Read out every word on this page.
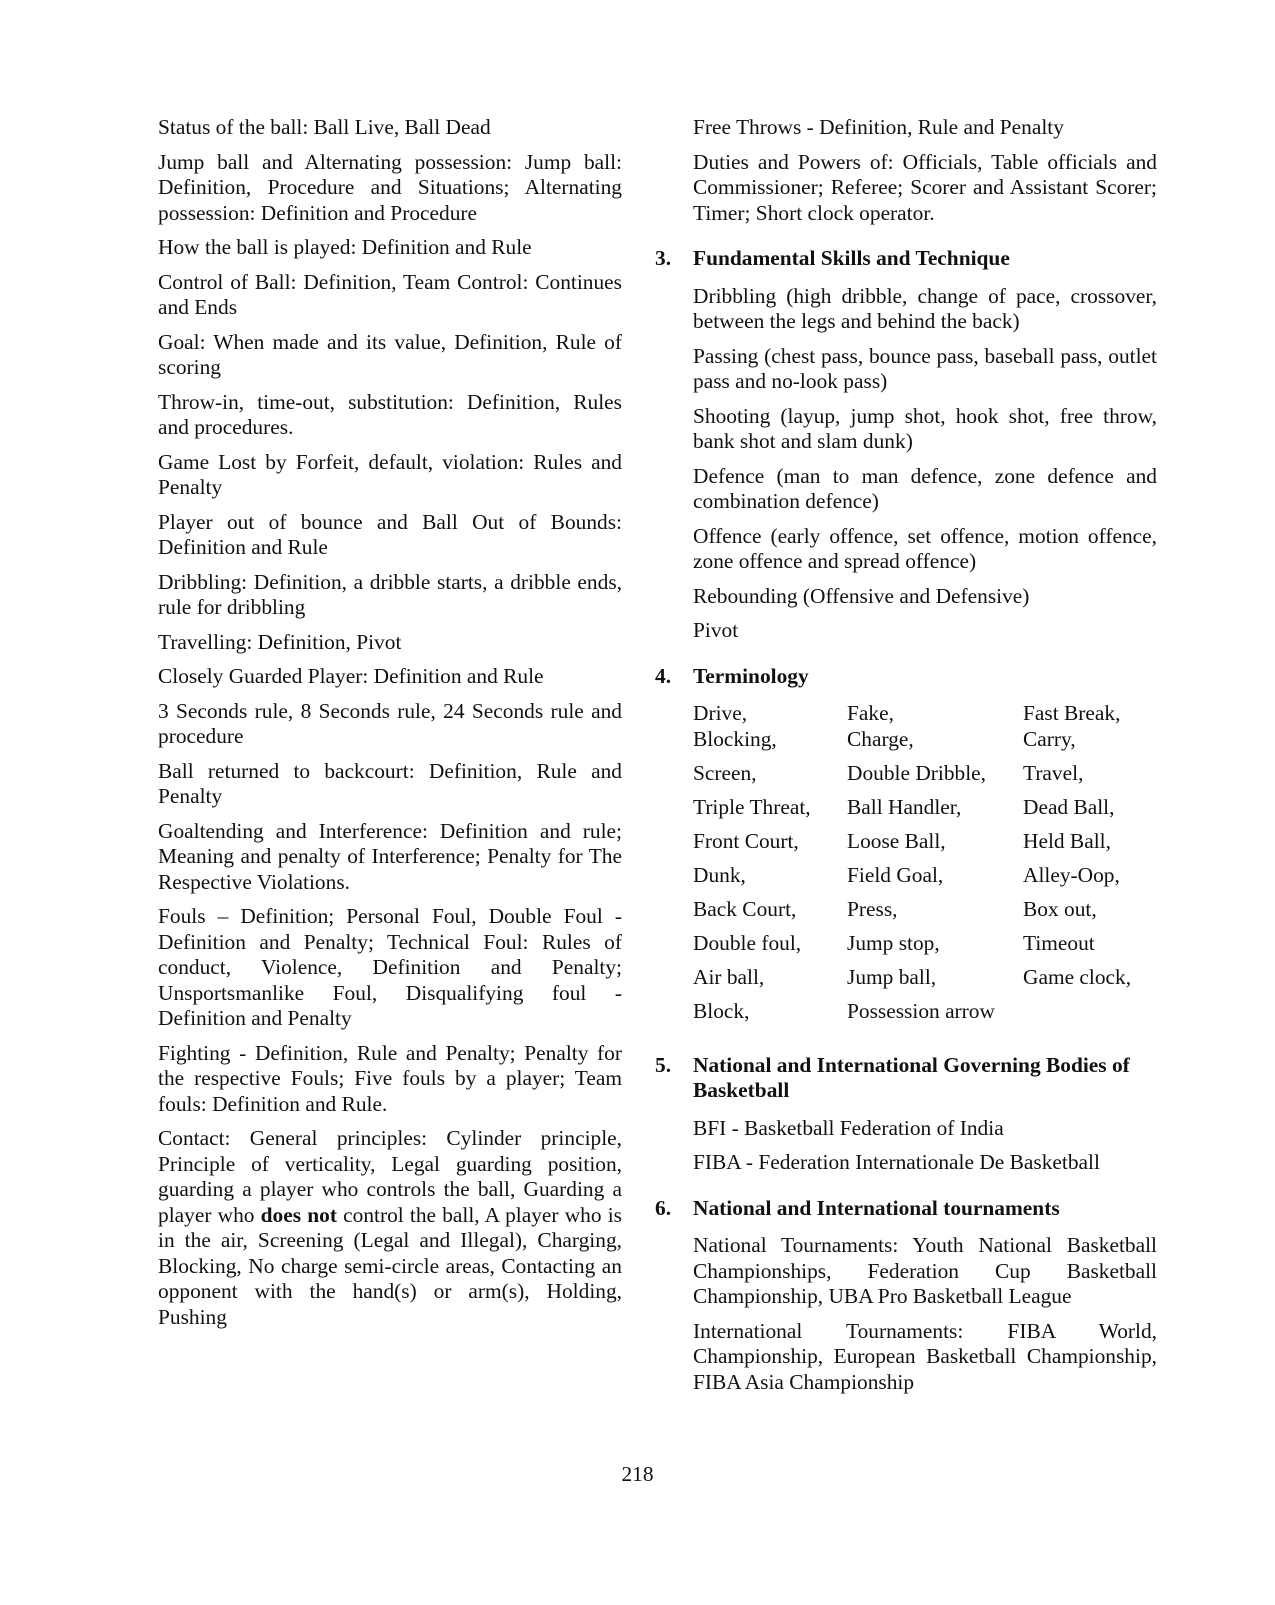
Status of the ball: Ball Live, Ball Dead

Jump ball and Alternating possession: Jump ball: Definition, Procedure and Situations; Alternating possession: Definition and Procedure

How the ball is played: Definition and Rule

Control of Ball: Definition, Team Control: Continues and Ends

Goal: When made and its value, Definition, Rule of scoring

Throw-in, time-out, substitution: Definition, Rules and procedures.

Game Lost by Forfeit, default, violation: Rules and Penalty

Player out of bounce and Ball Out of Bounds: Definition and Rule

Dribbling: Definition, a dribble starts, a dribble ends, rule for dribbling

Travelling: Definition, Pivot

Closely Guarded Player: Definition and Rule

3 Seconds rule, 8 Seconds rule, 24 Seconds rule and procedure

Ball returned to backcourt: Definition, Rule and Penalty

Goaltending and Interference: Definition and rule; Meaning and penalty of Interference; Penalty for The Respective Violations.

Fouls – Definition; Personal Foul, Double Foul - Definition and Penalty; Technical Foul: Rules of conduct, Violence, Definition and Penalty; Unsportsmanlike Foul, Disqualifying foul - Definition and Penalty

Fighting - Definition, Rule and Penalty; Penalty for the respective Fouls; Five fouls by a player; Team fouls: Definition and Rule.

Contact: General principles: Cylinder principle, Principle of verticality, Legal guarding position, guarding a player who controls the ball, Guarding a player who does not control the ball, A player who is in the air, Screening (Legal and Illegal), Charging, Blocking, No charge semi-circle areas, Contacting an opponent with the hand(s) or arm(s), Holding, Pushing

Free Throws - Definition, Rule and Penalty

Duties and Powers of: Officials, Table officials and Commissioner; Referee; Scorer and Assistant Scorer; Timer; Short clock operator.

3.	Fundamental Skills and Technique

Dribbling (high dribble, change of pace, crossover, between the legs and behind the back)

Passing (chest pass, bounce pass, baseball pass, outlet pass and no-look pass)

Shooting (layup, jump shot, hook shot, free throw, bank shot and slam dunk)

Defence (man to man defence, zone defence and combination defence)

Offence (early offence, set offence, motion offence, zone offence and spread offence)

Rebounding (Offensive and Defensive)

Pivot

4.	Terminology
Drive,	Fake,	Fast Break,
Blocking,	Charge,	Carry,
Screen,	Double Dribble,	Travel,
Triple Threat,	Ball Handler,	Dead Ball,
Front Court,	Loose Ball,	Held Ball,
Dunk,	Field Goal,	Alley-Oop,
Back Court,	Press,	Box out,
Double foul,	Jump stop,	Timeout
Air ball,	Jump ball,	Game clock,
Block,	Possession arrow	
5.	National and International Governing Bodies of Basketball

BFI - Basketball Federation of India

FIBA - Federation Internationale De Basketball

6.	National and International tournaments

National Tournaments: Youth National Basketball Championships, Federation Cup Basketball Championship, UBA Pro Basketball League

International Tournaments: FIBA World, Championship, European Basketball Championship, FIBA Asia Championship

218
